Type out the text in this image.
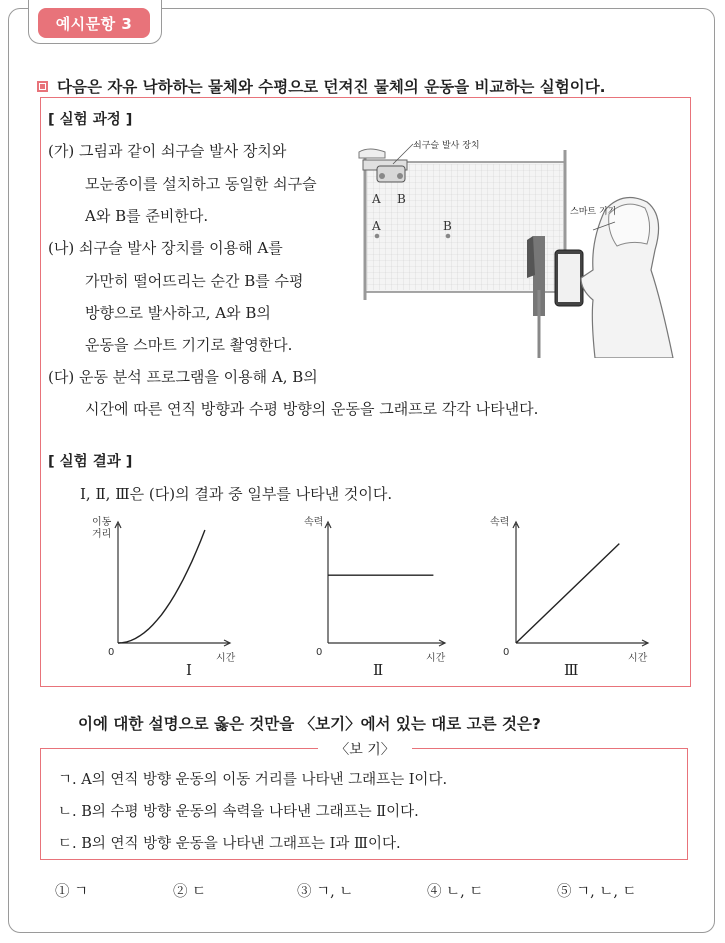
예시문항 3
다음은 자유 낙하하는 물체와 수평으로 던져진 물체의 운동을 비교하는 실험이다.
[ 실험 과정 ]
(가) 그림과 같이 쇠구슬 발사 장치와
모눈종이를 설치하고 동일한 쇠구슬
A와 B를 준비한다.
(나) 쇠구슬 발사 장치를 이용해 A를
가만히 떨어뜨리는 순간 B를 수평
방향으로 발사하고, A와 B의
운동을 스마트 기기로 촬영한다.
(다) 운동 분석 프로그램을 이용해 A, B의
시간에 따른 연직 방향과 수평 방향의 운동을 그래프로 각각 나타낸다.
쇠구슬 발사 장치
스마트 기기
A B
A	B
[ 실험 결과 ]
Ⅰ, Ⅱ, Ⅲ은 (다)의 결과 중 일부를 나타낸 것이다.
이동
거리
0
시간
Ⅰ
속력
0
시간
Ⅱ
속력
0
시간
Ⅲ
이에 대한 설명으로 옳은 것만을 〈보기〉에서 있는 대로 고른 것은?
〈보 기〉
ㄱ. A의 연직 방향 운동의 이동 거리를 나타낸 그래프는 Ⅰ이다.
ㄴ. B의 수평 방향 운동의 속력을 나타낸 그래프는 Ⅱ이다.
ㄷ. B의 연직 방향 운동을 나타낸 그래프는 Ⅰ과 Ⅲ이다.
① ㄱ	② ㄷ	③ ㄱ, ㄴ	④ ㄴ, ㄷ	⑤ ㄱ, ㄴ, ㄷ
